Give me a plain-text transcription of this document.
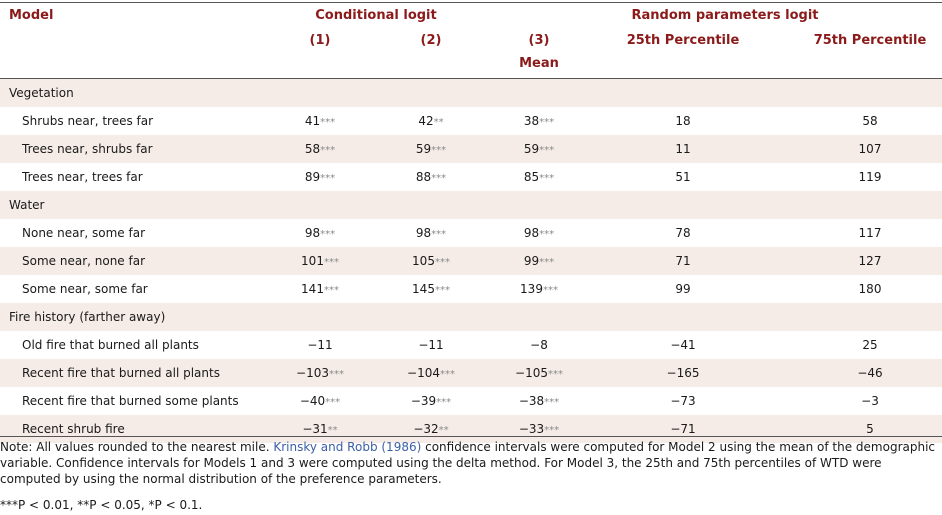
Model	Conditional logit	Random parameters logit
(1)	(2)	(3)	25th Percentile	75th Percentile
Mean
Vegetation
Shrubs near, trees far	41***	42**	38***	18	58
Trees near, shrubs far	58***	59***	59***	11	107
Trees near, trees far	89***	88***	85***	51	119
Water
None near, some far	98***	98***	98***	78	117
Some near, none far	101***	105***	99***	71	127
Some near, some far	141***	145***	139***	99	180
Fire history (farther away)
Old fire that burned all plants	−11	−11	−8	−41	25
Recent fire that burned all plants	−103***	−104***	−105***	−165	−46
Recent fire that burned some plants	−40***	−39***	−38***	−73	−3
Recent shrub fire	−31**	−32**	−33***	−71	5
Note: All values rounded to the nearest mile. Krinsky and Robb (1986) confidence intervals were computed for Model 2 using the mean of the demographic variable. Confidence intervals for Models 1 and 3 were computed using the delta method. For Model 3, the 25th and 75th percentiles of WTD were computed by using the normal distribution of the preference parameters.
***P < 0.01, **P < 0.05, *P < 0.1.
